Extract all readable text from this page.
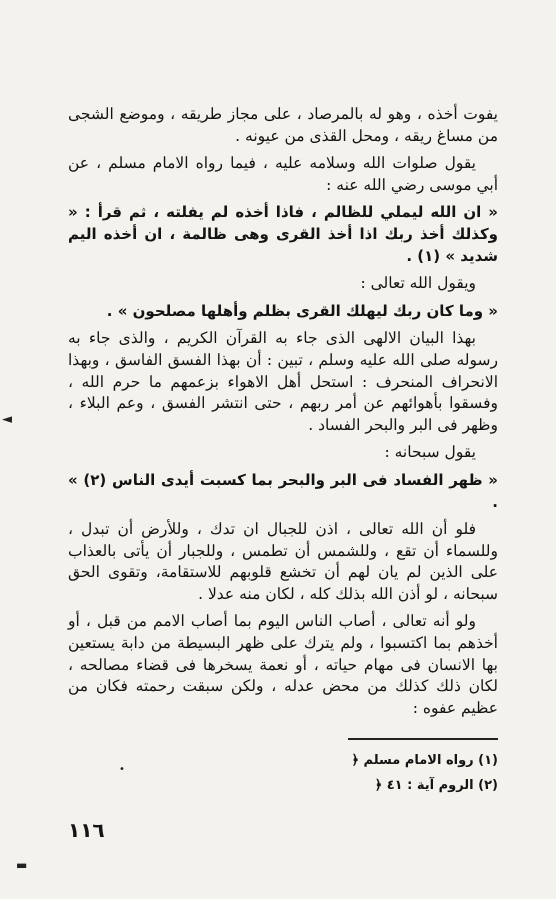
يفوت أخذه ، وهو له بالمرصاد ، على مجاز طريقه ، وموضع الشجى من مساغ ريقه ، ومحل القذى من عيونه .

يقول صلوات الله وسلامه عليه ، فيما رواه الامام مسلم ، عن أبي موسى رضي الله عنه :

« ان الله ليملي للظالم ، فاذا أخذه لم يفلته ، ثم قرأ : « وكذلك أخذ ربك اذا أخذ القرى وهى ظالمة ، ان أخذه اليم شديد » (١) .

ويقول الله تعالى :

« وما كان ربك ليهلك القرى بظلم وأهلها مصلحون » .

بهذا البيان الالهى الذى جاء به القرآن الكريم ، والذى جاء به رسوله صلى الله عليه وسلم ، تبين : أن بهذا الفسق الفاسق ، وبهذا الانحراف المنحرف : استحل أهل الاهواء بزعمهم ما حرم الله ، وفسقوا بأهوائهم عن أمر ربهم ، حتى انتشر الفسق ، وعم البلاء ، وظهر فى البر والبحر الفساد .

يقول سبحانه :

« ظهر الفساد فى البر والبحر بما كسبت أيدى الناس (٢) » .

فلو أن الله تعالى ، اذن للجبال ان تدك ، وللأرض أن تبدل ، وللسماء أن تقع ، وللشمس أن تطمس ، وللجبار أن يأتى بالعذاب على الذين لم يان لهم أن تخشع قلوبهم للاستقامة، وتقوى الحق سبحانه ، لو أذن الله بذلك كله ، لكان منه عدلا .

ولو أنه تعالى ، أصاب الناس اليوم بما أصاب الامم من قبل ، أو أخذهم بما اكتسبوا ، ولم يترك على ظهر البسيطة من دابة يستعين بها الانسان فى مهام حياته ، أو نعمة يسخرها فى قضاء مصالحه ، لكان ذلك كذلك من محض عدله ، ولكن سبقت رحمته فكان من عظيم عفوه :

(١) رواه الامام مسلم ﴿
(٢) الروم آية : ٤١ ﴿
١١٦
◄
•
▬
